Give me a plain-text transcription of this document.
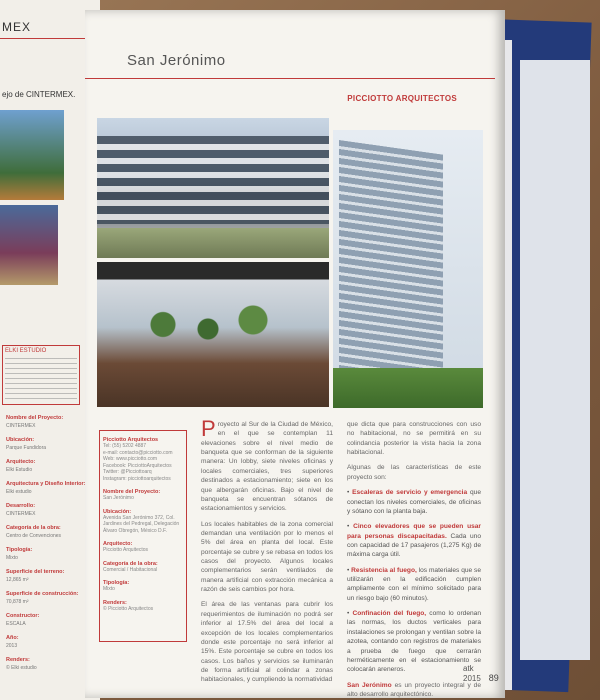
MEX
ejo de CINTERMEX.
ELKI ESTUDIO
Nombre del Proyecto:
CINTERMEX
Ubicación:
Parque Fundidora
Arquitecto:
Elki Estudio
Arquitectura y Diseño Interior:
Elki estudio
Desarrollo:
CINTERMEX
Categoría de la obra:
Centro de Convenciones
Tipología:
Mixto
Superficie del terreno:
12,865 m²
Superficie de construcción:
70,878 m²
Constructor:
ESCALA
Año:
2013
Renders:
© Elki estudio
San Jerónimo
PICCIOTTO ARQUITECTOS
Picciotto Arquitectos
Tel: (55) 5202 4887
e-mail: contacto@picciotto.com
Web: www.picciotto.com
Facebook: PicciottoArquitectos
Twitter: @Picciottoarq
Instagram: picciottoarquitectos
Nombre del Proyecto:
San Jerónimo
Ubicación:
Avenida San Jerónimo 372, Col. Jardines del Pedregal, Delegación Álvaro Obregón, México D.F.
Arquitecto:
Picciotto Arquitectos
Categoría de la obra:
Comercial / Habitacional
Tipología:
Mixto
Renders:
© Picciotto Arquitectos

Proyecto al Sur de la Ciudad de México, en el que se contemplan 11 elevaciones sobre el nivel medio de banqueta que se conforman de la siguiente manera: Un lobby, siete niveles oficinas y locales comerciales, tres superiores destinados a estacionamiento; siete en los que albergarán oficinas. Bajo el nivel de banqueta se encuentran sótanos de estacionamientos y servicios.

Los locales habitables de la zona comercial demandan una ventilación por lo menos el 5% del área en planta del local. Este porcentaje se cubre y se rebasa en todos los casos del proyecto. Algunos locales complementarios serán ventilados de manera artificial con extracción mecánica a razón de seis cambios por hora.

El área de las ventanas para cubrir los requerimientos de iluminación no podrá ser inferior al 17.5% del área del local a excepción de los locales complementarios donde este porcentaje no será inferior al 15%. Este porcentaje se cubre en todos los casos. Los baños y servicios se iluminarán de forma artificial al colindar a zonas habitacionales, y cumpliendo la normatividad

que dicta que para construcciones con uso no habitacional, no se permitirá en su colindancia posterior la vista hacia la zona habitacional.

Algunas de las características de este proyecto son:

• Escaleras de servicio y emergencia que conectan los niveles comerciales, de oficinas y sótano con la planta baja.

• Cinco elevadores que se pueden usar para personas discapacitadas. Cada uno con capacidad de 17 pasajeros (1,275 Kg) de máxima carga útil.

• Resistencia al fuego, los materiales que se utilizarán en la edificación cumplen ampliamente con el mínimo solicitado para un riesgo bajo (60 minutos).

• Confinación del fuego, como lo ordenan las normas, los ductos verticales para instalaciones se prolongan y ventilan sobre la azotea, contando con registros de materiales a prueba de fuego que cerrarán herméticamente en el estacionamiento se colocarán areneros.

San Jerónimo es un proyecto integral y de alto desarrollo arquitectónico.

atk 2015 89
